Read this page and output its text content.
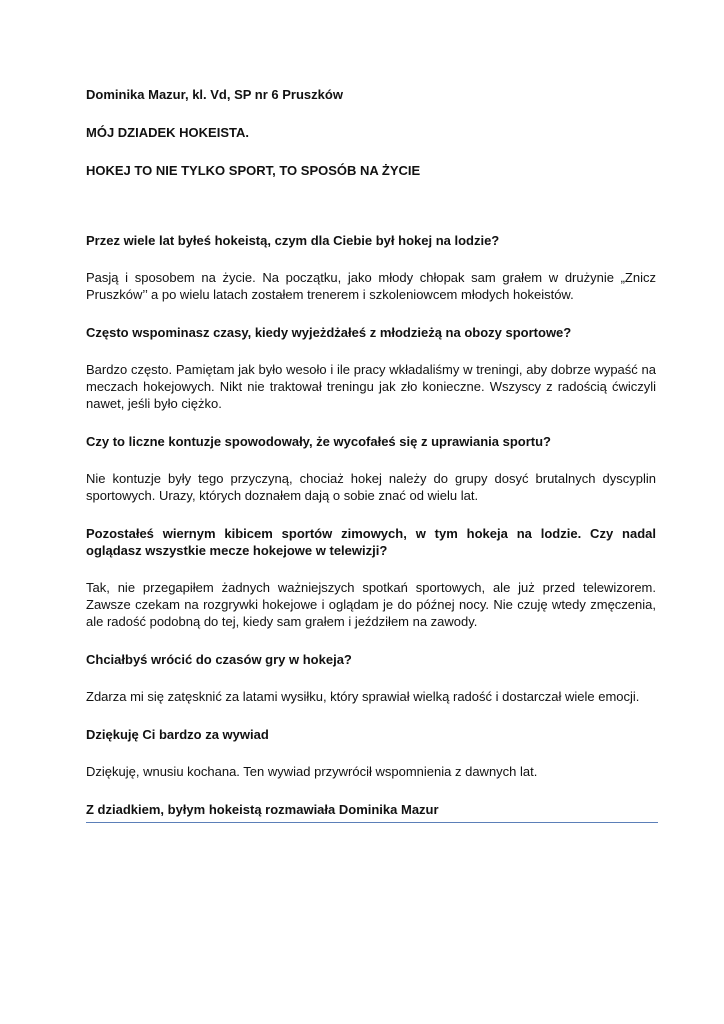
Dominika Mazur, kl. Vd, SP nr 6 Pruszków

MÓJ DZIADEK HOKEISTA.

HOKEJ TO NIE TYLKO SPORT, TO SPOSÓB NA ŻYCIE

Przez wiele lat byłeś hokeistą, czym dla Ciebie był hokej na lodzie?

Pasją i sposobem na życie. Na początku, jako młody chłopak sam grałem w drużynie „Znicz Pruszków’’ a po wielu latach zostałem trenerem i szkoleniowcem młodych hokeistów.

Często wspominasz czasy, kiedy wyjeżdżałeś z młodzieżą na obozy sportowe?

Bardzo często. Pamiętam jak było wesoło i ile pracy wkładaliśmy w treningi, aby dobrze wypaść na meczach hokejowych. Nikt nie traktował treningu jak zło konieczne. Wszyscy z radością ćwiczyli nawet, jeśli było ciężko.

Czy to liczne kontuzje spowodowały, że wycofałeś się z uprawiania sportu?

Nie kontuzje były tego przyczyną, chociaż hokej należy do grupy dosyć brutalnych dyscyplin sportowych. Urazy, których doznałem dają o sobie znać od wielu lat.

Pozostałeś wiernym kibicem sportów zimowych, w tym hokeja na lodzie. Czy nadal oglądasz wszystkie mecze hokejowe w telewizji?

Tak, nie przegapiłem żadnych ważniejszych spotkań sportowych, ale już przed telewizorem. Zawsze czekam na rozgrywki hokejowe i oglądam je do późnej nocy. Nie czuję wtedy zmęczenia, ale radość podobną do tej, kiedy sam grałem i jeździłem na zawody.

Chciałbyś wrócić do czasów gry w hokeja?

Zdarza mi się zatęsknić za latami wysiłku, który sprawiał wielką radość i dostarczał wiele emocji.

Dziękuję Ci bardzo za wywiad

Dziękuję, wnusiu kochana. Ten wywiad przywrócił wspomnienia z dawnych lat.

Z dziadkiem, byłym hokeistą rozmawiała Dominika Mazur
